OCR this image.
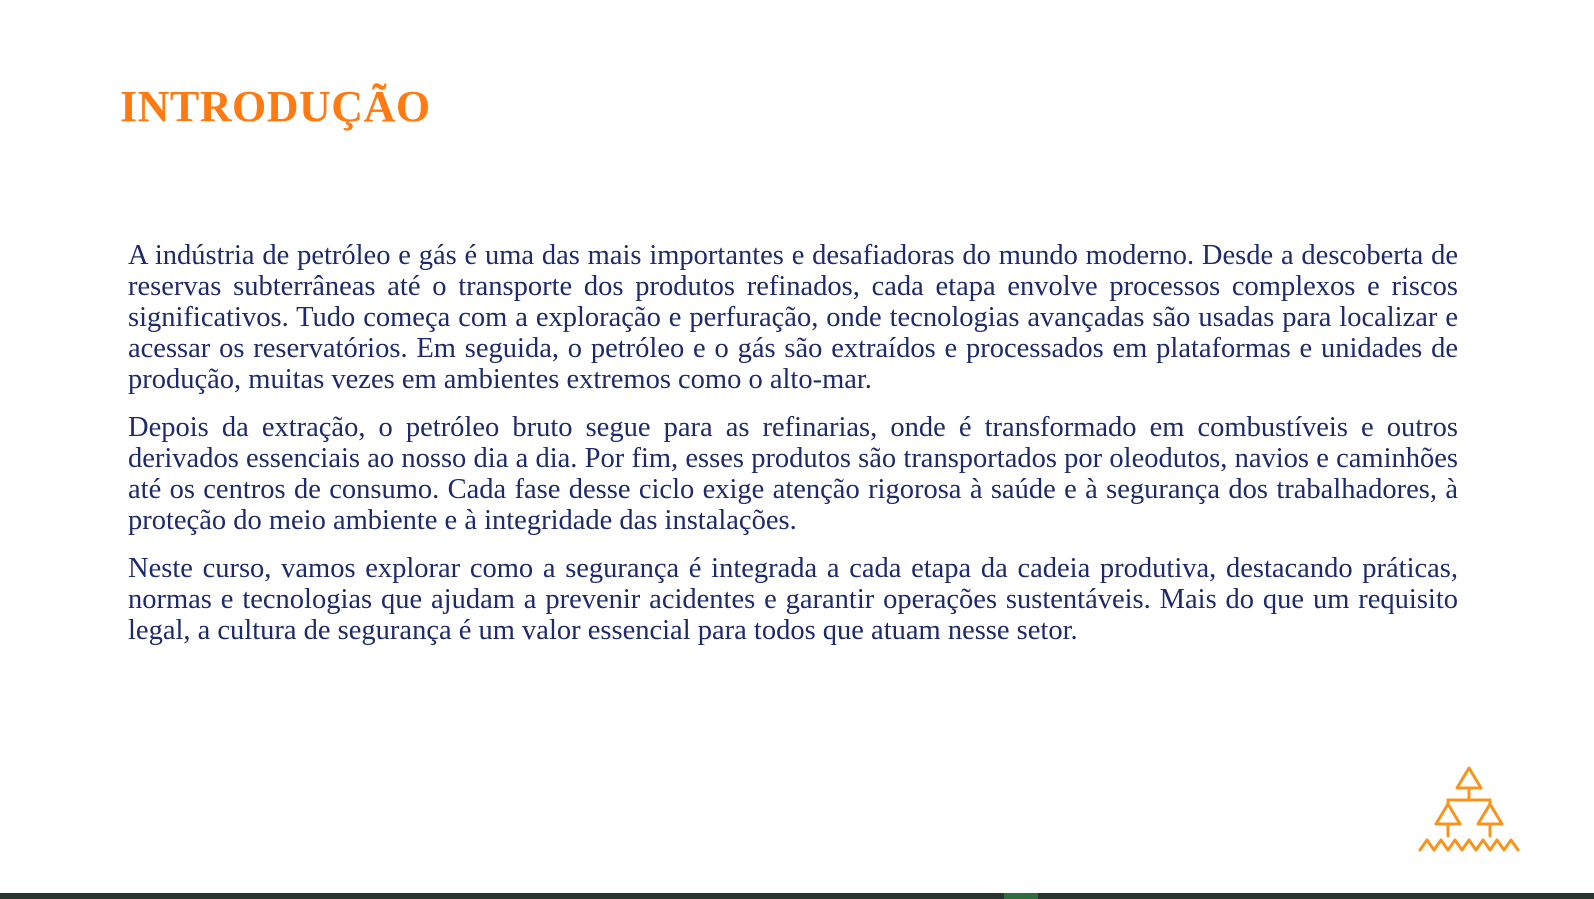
INTRODUÇÃO

A indústria de petróleo e gás é uma das mais importantes e desafiadoras do mundo moderno. Desde a descoberta de reservas subterrâneas até o transporte dos produtos refinados, cada etapa envolve processos complexos e riscos significativos. Tudo começa com a exploração e perfuração, onde tecnologias avançadas são usadas para localizar e acessar os reservatórios. Em seguida, o petróleo e o gás são extraídos e processados em plataformas e unidades de produção, muitas vezes em ambientes extremos como o alto-mar.

Depois da extração, o petróleo bruto segue para as refinarias, onde é transformado em combustíveis e outros derivados essenciais ao nosso dia a dia. Por fim, esses produtos são transportados por oleodutos, navios e caminhões até os centros de consumo. Cada fase desse ciclo exige atenção rigorosa à saúde e à segurança dos trabalhadores, à proteção do meio ambiente e à integridade das instalações.

Neste curso, vamos explorar como a segurança é integrada a cada etapa da cadeia produtiva, destacando práticas, normas e tecnologias que ajudam a prevenir acidentes e garantir operações sustentáveis. Mais do que um requisito legal, a cultura de segurança é um valor essencial para todos que atuam nesse setor.
